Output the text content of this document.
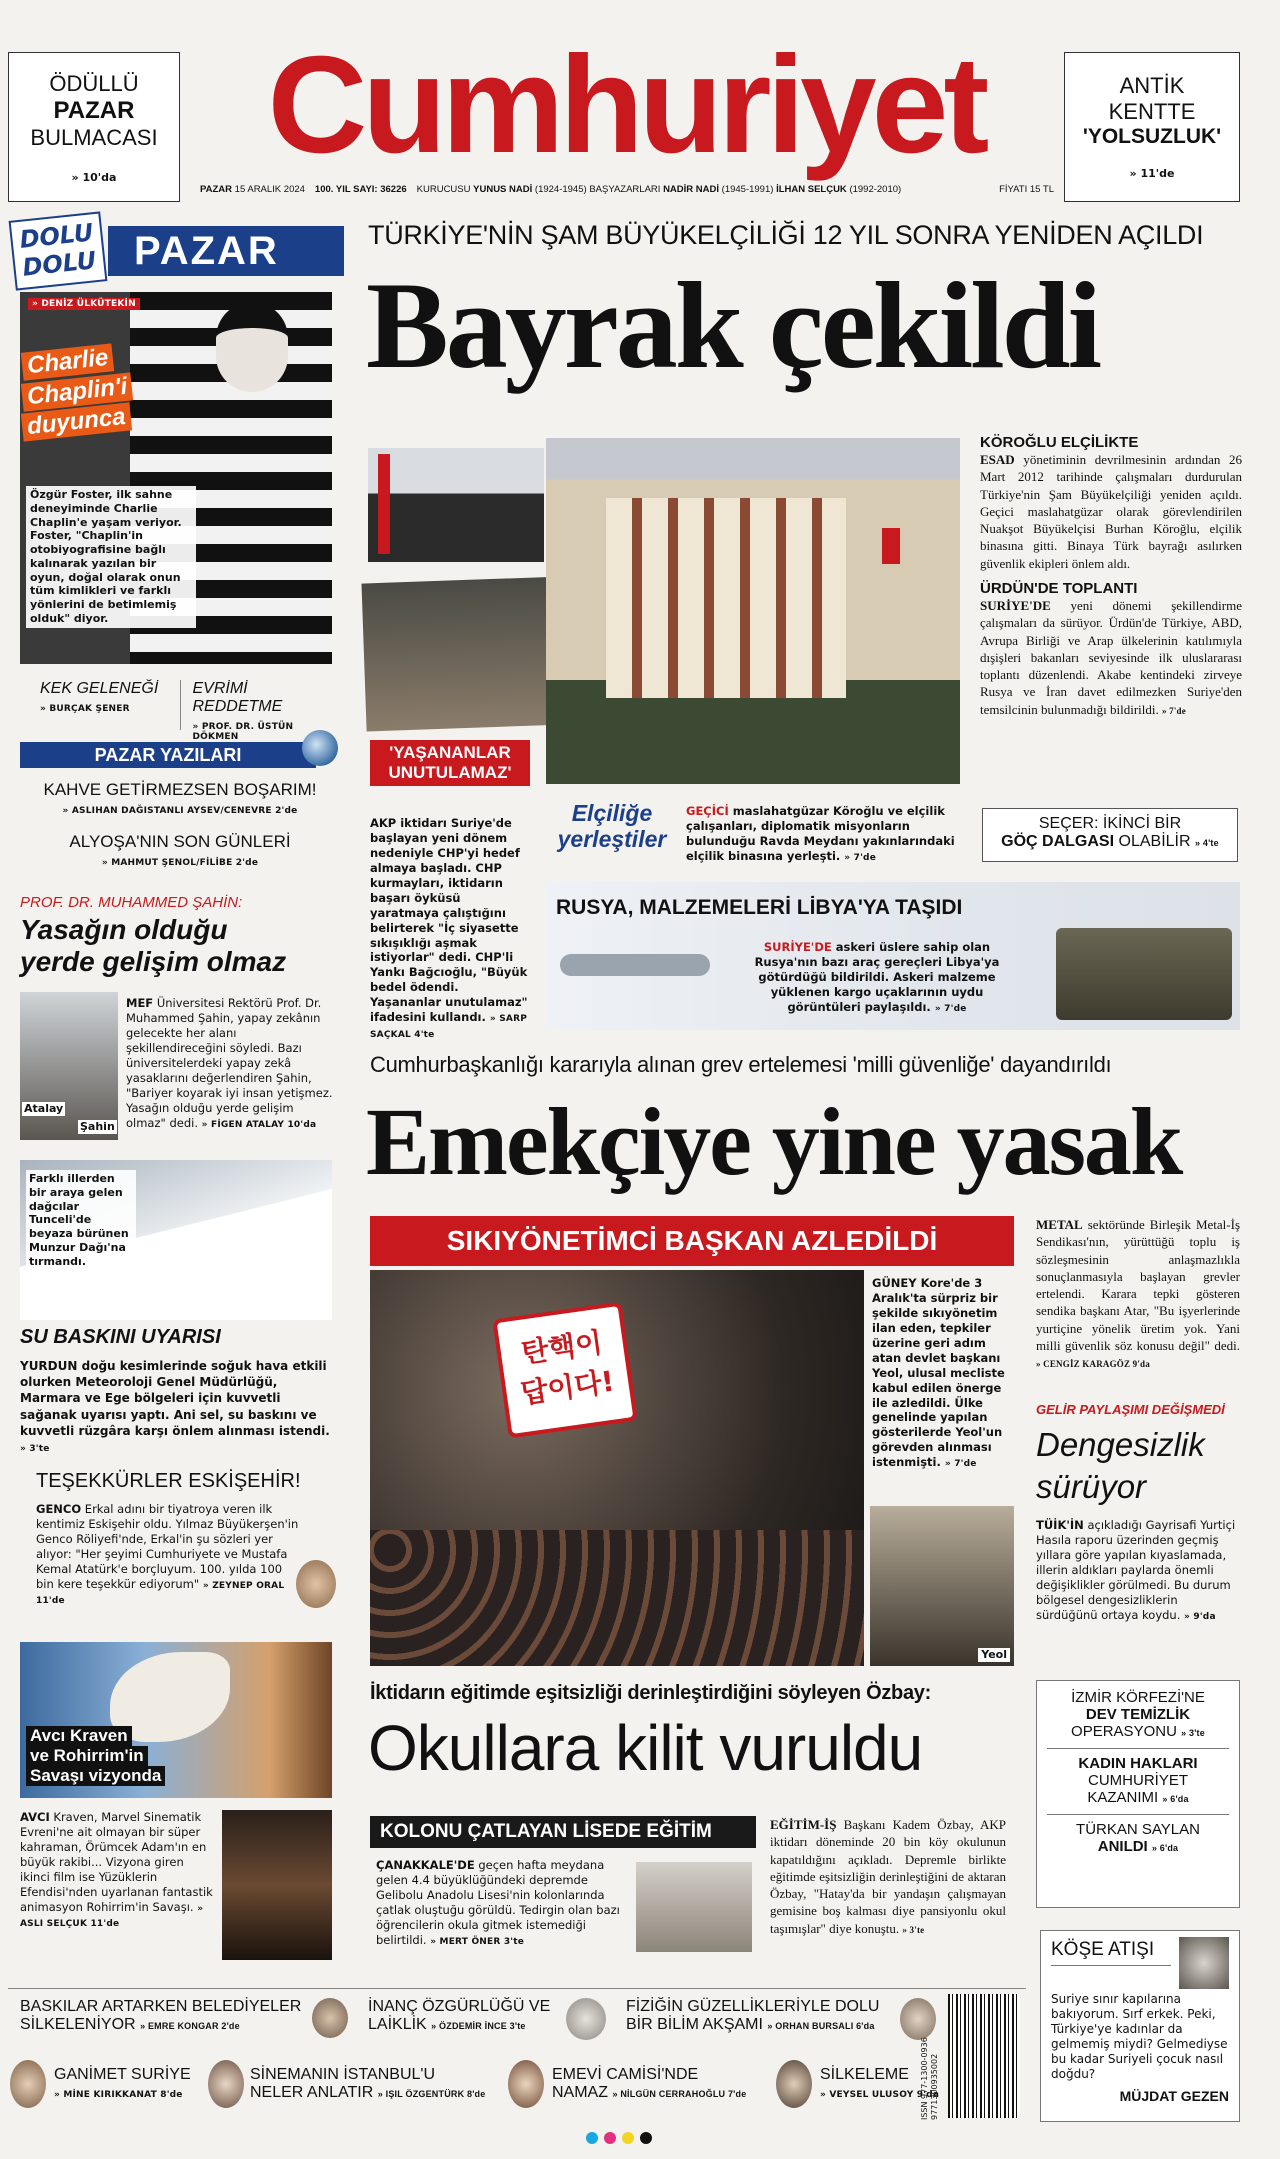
ÖDÜLLÜ
PAZAR
BULMACASI
» 10'da	Cumhuriyet	ANTİK
KENTTE
'YOLSUZLUK'
» 11'de
PAZAR 15 ARALIK 2024 100. YIL SAYI: 36226 KURUCUSU YUNUS NADİ (1924-1945) BAŞYAZARLARI NADİR NADİ (1945-1991) İLHAN SELÇUK (1992-2010)	FİYATI 15 TL
DOLU
DOLU PAZAR
» DENİZ ÜLKÜTEKİN
Charlie
Chaplin'i
duyunca
Özgür Foster, ilk sahne deneyiminde Charlie Chaplin'e yaşam veriyor. Foster, "Chaplin'in otobiyografisine bağlı kalınarak yazılan bir oyun, doğal olarak onun tüm kimlikleri ve farklı yönlerini de betimlemiş olduk" diyor.
KEK GELENEĞİ
» BURÇAK ŞENER
EVRİMİ REDDETME
» PROF. DR. ÜSTÜN DÖKMEN
PAZAR YAZILARI
KAHVE GETİRMEZSEN BOŞARIM!
» ASLIHAN DAĞISTANLI AYSEV/CENEVRE 2'de
ALYOŞA'NIN SON GÜNLERİ
» MAHMUT ŞENOL/FİLİBE 2'de
PROF. DR. MUHAMMED ŞAHİN:
Yasağın olduğu
yerde gelişim olmaz
Atalay
Şahin
MEF Üniversitesi Rektörü Prof. Dr. Muhammed Şahin, yapay zekânın gelecekte her alanı şekillendireceğini söyledi. Bazı üniversitelerdeki yapay zekâ yasaklarını değerlendiren Şahin, "Bariyer koyarak iyi insan yetişmez. Yasağın olduğu yerde gelişim olmaz" dedi. » FİGEN ATALAY 10'da
Farklı illerden bir araya gelen dağcılar Tunceli'de beyaza bürünen Munzur Dağı'na tırmandı.
SU BASKINI UYARISI
YURDUN doğu kesimlerinde soğuk hava etkili olurken Meteoroloji Genel Müdürlüğü, Marmara ve Ege bölgeleri için kuvvetli sağanak uyarısı yaptı. Ani sel, su baskını ve kuvvetli rüzgâra karşı önlem alınması istendi. » 3'te
TEŞEKKÜRLER ESKİŞEHİR!
GENCO Erkal adını bir tiyatroya veren ilk kentimiz Eskişehir oldu. Yılmaz Büyükerşen'in Genco Röliyefi'nde, Erkal'in şu sözleri yer alıyor: "Her şeyimi Cumhuriyete ve Mustafa Kemal Atatürk'e borçluyum. 100. yılda 100 bin kere teşekkür ediyorum" » ZEYNEP ORAL 11'de
Avcı Kraven
ve Rohirrim'in
Savaşı vizyonda
AVCI Kraven, Marvel Sinematik Evreni'ne ait olmayan bir süper kahraman, Örümcek Adam'ın en büyük rakibi... Vizyona giren ikinci film ise Yüzüklerin Efendisi'nden uyarlanan fantastik animasyon Rohirrim'in Savaşı. » ASLI SELÇUK 11'de
TÜRKİYE'NİN ŞAM BÜYÜKELÇİLİĞİ 12 YIL SONRA YENİDEN AÇILDI
Bayrak çekildi
KÖROĞLU ELÇİLİKTE
ESAD yönetiminin devrilmesinin ardından 26 Mart 2012 tarihinde çalışmaları durdurulan Türkiye'nin Şam Büyükelçiliği yeniden açıldı. Geçici maslahatgüzar olarak görevlendirilen Nuakşot Büyükelçisi Burhan Köroğlu, elçilik binasına gitti. Binaya Türk bayrağı asılırken güvenlik ekipleri önlem aldı.
ÜRDÜN'DE TOPLANTI
SURİYE'DE yeni dönemi şekillendirme çalışmaları da sürüyor. Ürdün'de Türkiye, ABD, Avrupa Birliği ve Arap ülkelerinin katılımıyla dışişleri bakanları seviyesinde ilk uluslararası toplantı düzenlendi. Akabe kentindeki zirveye Rusya ve İran davet edilmezken Suriye'den temsilcinin bulunmadığı bildirildi. » 7'de
'YAŞANANLAR UNUTULAMAZ'
AKP iktidarı Suriye'de başlayan yeni dönem nedeniyle CHP'yi hedef almaya başladı. CHP kurmayları, iktidarın başarı öyküsü yaratmaya çalıştığını belirterek "İç siyasette sıkışıklığı aşmak istiyorlar" dedi. CHP'li Yankı Bağcıoğlu, "Büyük bedel ödendi. Yaşananlar unutulamaz" ifadesini kullandı. » SARP SAÇKAL 4'te
Elçiliğe
yerleştiler
GEÇİCİ maslahatgüzar Köroğlu ve elçilik çalışanları, diplomatik misyonların bulunduğu Ravda Meydanı yakınlarındaki elçilik binasına yerleşti. » 7'de
SEÇER: İKİNCİ BİR
GÖÇ DALGASI OLABİLİR » 4'te
RUSYA, MALZEMELERİ LİBYA'YA TAŞIDI
SURİYE'DE askeri üslere sahip olan Rusya'nın bazı araç gereçleri Libya'ya götürdüğü bildirildi. Askeri malzeme yüklenen kargo uçaklarının uydu görüntüleri paylaşıldı. » 7'de
Cumhurbaşkanlığı kararıyla alınan grev ertelemesi 'milli güvenliğe' dayandırıldı
Emekçiye yine yasak
SIKIYÖNETİMCİ BAŞKAN AZLEDİLDİ
탄핵이
답이다!
GÜNEY Kore'de 3 Aralık'ta sürpriz bir şekilde sıkıyönetim ilan eden, tepkiler üzerine geri adım atan devlet başkanı Yeol, ulusal mecliste kabul edilen önerge ile azledildi. Ülke genelinde yapılan gösterilerde Yeol'un görevden alınması istenmişti. » 7'de
Yeol
METAL sektöründe Birleşik Metal-İş Sendikası'nın, yürüttüğü toplu iş sözleşmesinin anlaşmazlıkla sonuçlanmasıyla başlayan grevler ertelendi. Karara tepki gösteren sendika başkanı Atar, "Bu işyerlerinde yurtiçine yönelik üretim yok. Yani milli güvenlik söz konusu değil" dedi. » CENGİZ KARAGÖZ 9'da
GELİR PAYLAŞIMI DEĞİŞMEDİ
Dengesizlik
sürüyor
TÜİK'İN açıkladığı Gayrisafi Yurtiçi Hasıla raporu üzerinden geçmiş yıllara göre yapılan kıyaslamada, illerin aldıkları paylarda önemli değişiklikler görülmedi. Bu durum bölgesel dengesizliklerin sürdüğünü ortaya koydu. » 9'da
İktidarın eğitimde eşitsizliği derinleştirdiğini söyleyen Özbay:
Okullara kilit vuruldu
KOLONU ÇATLAYAN LİSEDE EĞİTİM
ÇANAKKALE'DE geçen hafta meydana gelen 4.4 büyüklüğündeki depremde Gelibolu Anadolu Lisesi'nin kolonlarında çatlak oluştuğu görüldü. Tedirgin olan bazı öğrencilerin okula gitmek istemediği belirtildi. » MERT ÖNER 3'te
EĞİTİM-İŞ Başkanı Kadem Özbay, AKP iktidarı döneminde 20 bin köy okulunun kapatıldığını açıkladı. Depremle birlikte eğitimde eşitsizliğin derinleştiğini de aktaran Özbay, "Hatay'da bir yandaşın çalışmayan gemisine boş kalması diye pansiyonlu okul taşımışlar" diye konuştu. » 3'te
İZMİR KÖRFEZİ'NE
DEV TEMİZLİK
OPERASYONU » 3'te
KADIN HAKLARI
CUMHURİYET
KAZANIMI » 6'da
TÜRKAN SAYLAN
ANILDI » 6'da
KÖŞE ATIŞI
Suriye sınır kapılarına bakıyorum. Sırf erkek. Peki, Türkiye'ye kadınlar da gelmemiş miydi? Gelmediyse bu kadar Suriyeli çocuk nasıl doğdu?
MÜJDAT GEZEN
BASKILAR ARTARKEN BELEDİYELER
SİLKELENİYOR » EMRE KONGAR 2'de
İNANÇ ÖZGÜRLÜĞÜ VE
LAİKLİK » ÖZDEMİR İNCE 3'te
FİZİĞİN GÜZELLİKLERİYLE DOLU
BİR BİLİM AKŞAMI » ORHAN BURSALI 6'da
GANİMET SURİYE
» MİNE KIRIKKANAT 8'de
SİNEMANIN İSTANBUL'U
NELER ANLATIR » IŞIL ÖZGENTÜRK 8'de
EMEVİ CAMİSİ'NDE
NAMAZ » NİLGÜN CERRAHOĞLU 7'de
SİLKELEME
» VEYSEL ULUSOY 9'da
ISSN 977-1300-0936 9771300935002
